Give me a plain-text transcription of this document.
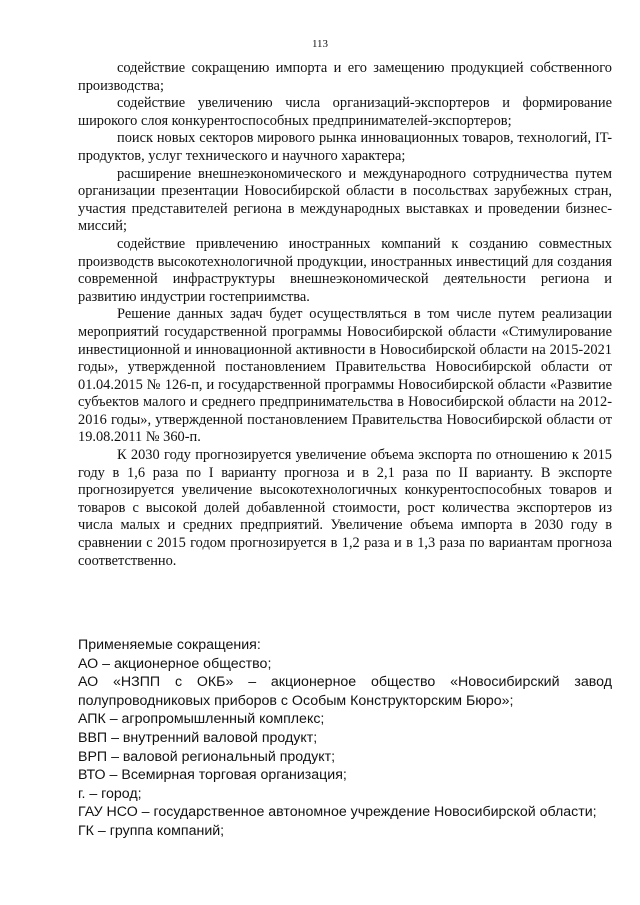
113

содействие сокращению импорта и его замещению продукцией собственного производства;

содействие увеличению числа организаций-экспортеров и формирование широкого слоя конкурентоспособных предпринимателей-экспортеров;

поиск новых секторов мирового рынка инновационных товаров, технологий, IT-продуктов, услуг технического и научного характера;

расширение внешнеэкономического и международного сотрудничества путем организации презентации Новосибирской области в посольствах зарубежных стран, участия представителей региона в международных выставках и проведении бизнес-миссий;

содействие привлечению иностранных компаний к созданию совместных производств высокотехнологичной продукции, иностранных инвестиций для создания современной инфраструктуры внешнеэкономической деятельности региона и развитию индустрии гостеприимства.

Решение данных задач будет осуществляться в том числе путем реализации мероприятий государственной программы Новосибирской области «Стимулирование инвестиционной и инновационной активности в Новосибирской области на 2015-2021 годы», утвержденной постановлением Правительства Новосибирской области от 01.04.2015 № 126-п, и государственной программы Новосибирской области «Развитие субъектов малого и среднего предпринимательства в Новосибирской области на 2012-2016 годы», утвержденной постановлением Правительства Новосибирской области от 19.08.2011 № 360-п.

К 2030 году прогнозируется увеличение объема экспорта по отношению к 2015 году в 1,6 раза по I варианту прогноза и в 2,1 раза по II варианту. В экспорте прогнозируется увеличение высокотехнологичных конкурентоспособных товаров и товаров с высокой долей добавленной стоимости, рост количества экспортеров из числа малых и средних предприятий. Увеличение объема импорта в 2030 году в сравнении с 2015 годом прогнозируется в 1,2 раза и в 1,3 раза по вариантам прогноза соответственно.

Применяемые сокращения:

АО – акционерное общество;

АО «НЗПП с ОКБ» – акционерное общество «Новосибирский завод полупроводниковых приборов с Особым Конструкторским Бюро»;

АПК – агропромышленный комплекс;

ВВП – внутренний валовой продукт;

ВРП – валовой региональный продукт;

ВТО – Всемирная торговая организация;

г. – город;

ГАУ НСО – государственное автономное учреждение Новосибирской области;

ГК – группа компаний;
